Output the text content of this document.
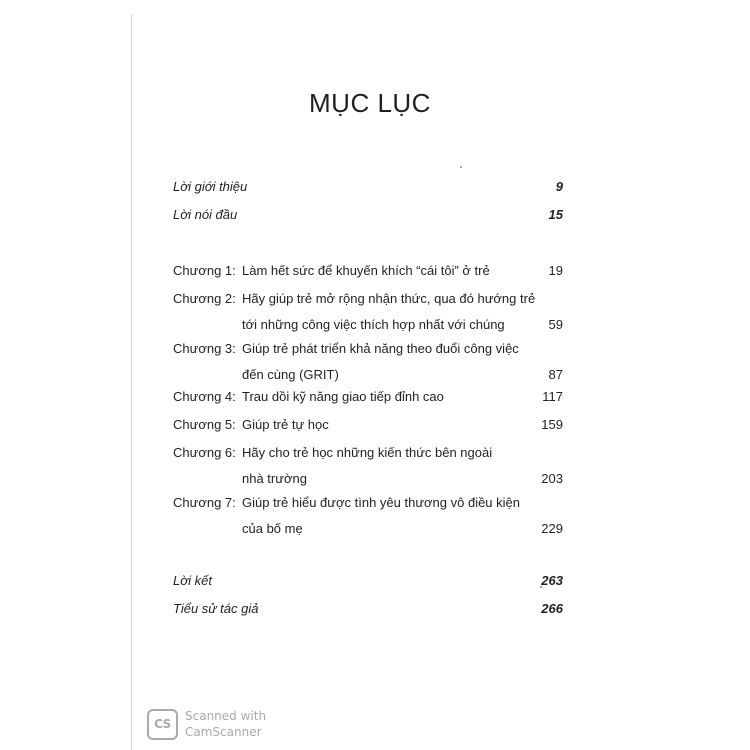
MỤC LỤC
Lời giới thiệu	9
Lời nói đầu	15
Chương 1: Làm hết sức để khuyến khích “cái tôi” ở trẻ	19
Chương 2: Hãy giúp trẻ mở rộng nhận thức, qua đó hướng trẻ
tới những công việc thích hợp nhất với chúng	59
Chương 3: Giúp trẻ phát triển khả năng theo đuổi công việc
đến cùng (GRIT)	87
Chương 4: Trau dồi kỹ năng giao tiếp đỉnh cao	117
Chương 5: Giúp trẻ tự học	159
Chương 6: Hãy cho trẻ học những kiến thức bên ngoài
nhà trường	203
Chương 7: Giúp trẻ hiểu được tình yêu thương vô điều kiện
của bố mẹ	229
Lời kết	263
Tiểu sử tác giả	266
CS
Scanned with
CamScanner
